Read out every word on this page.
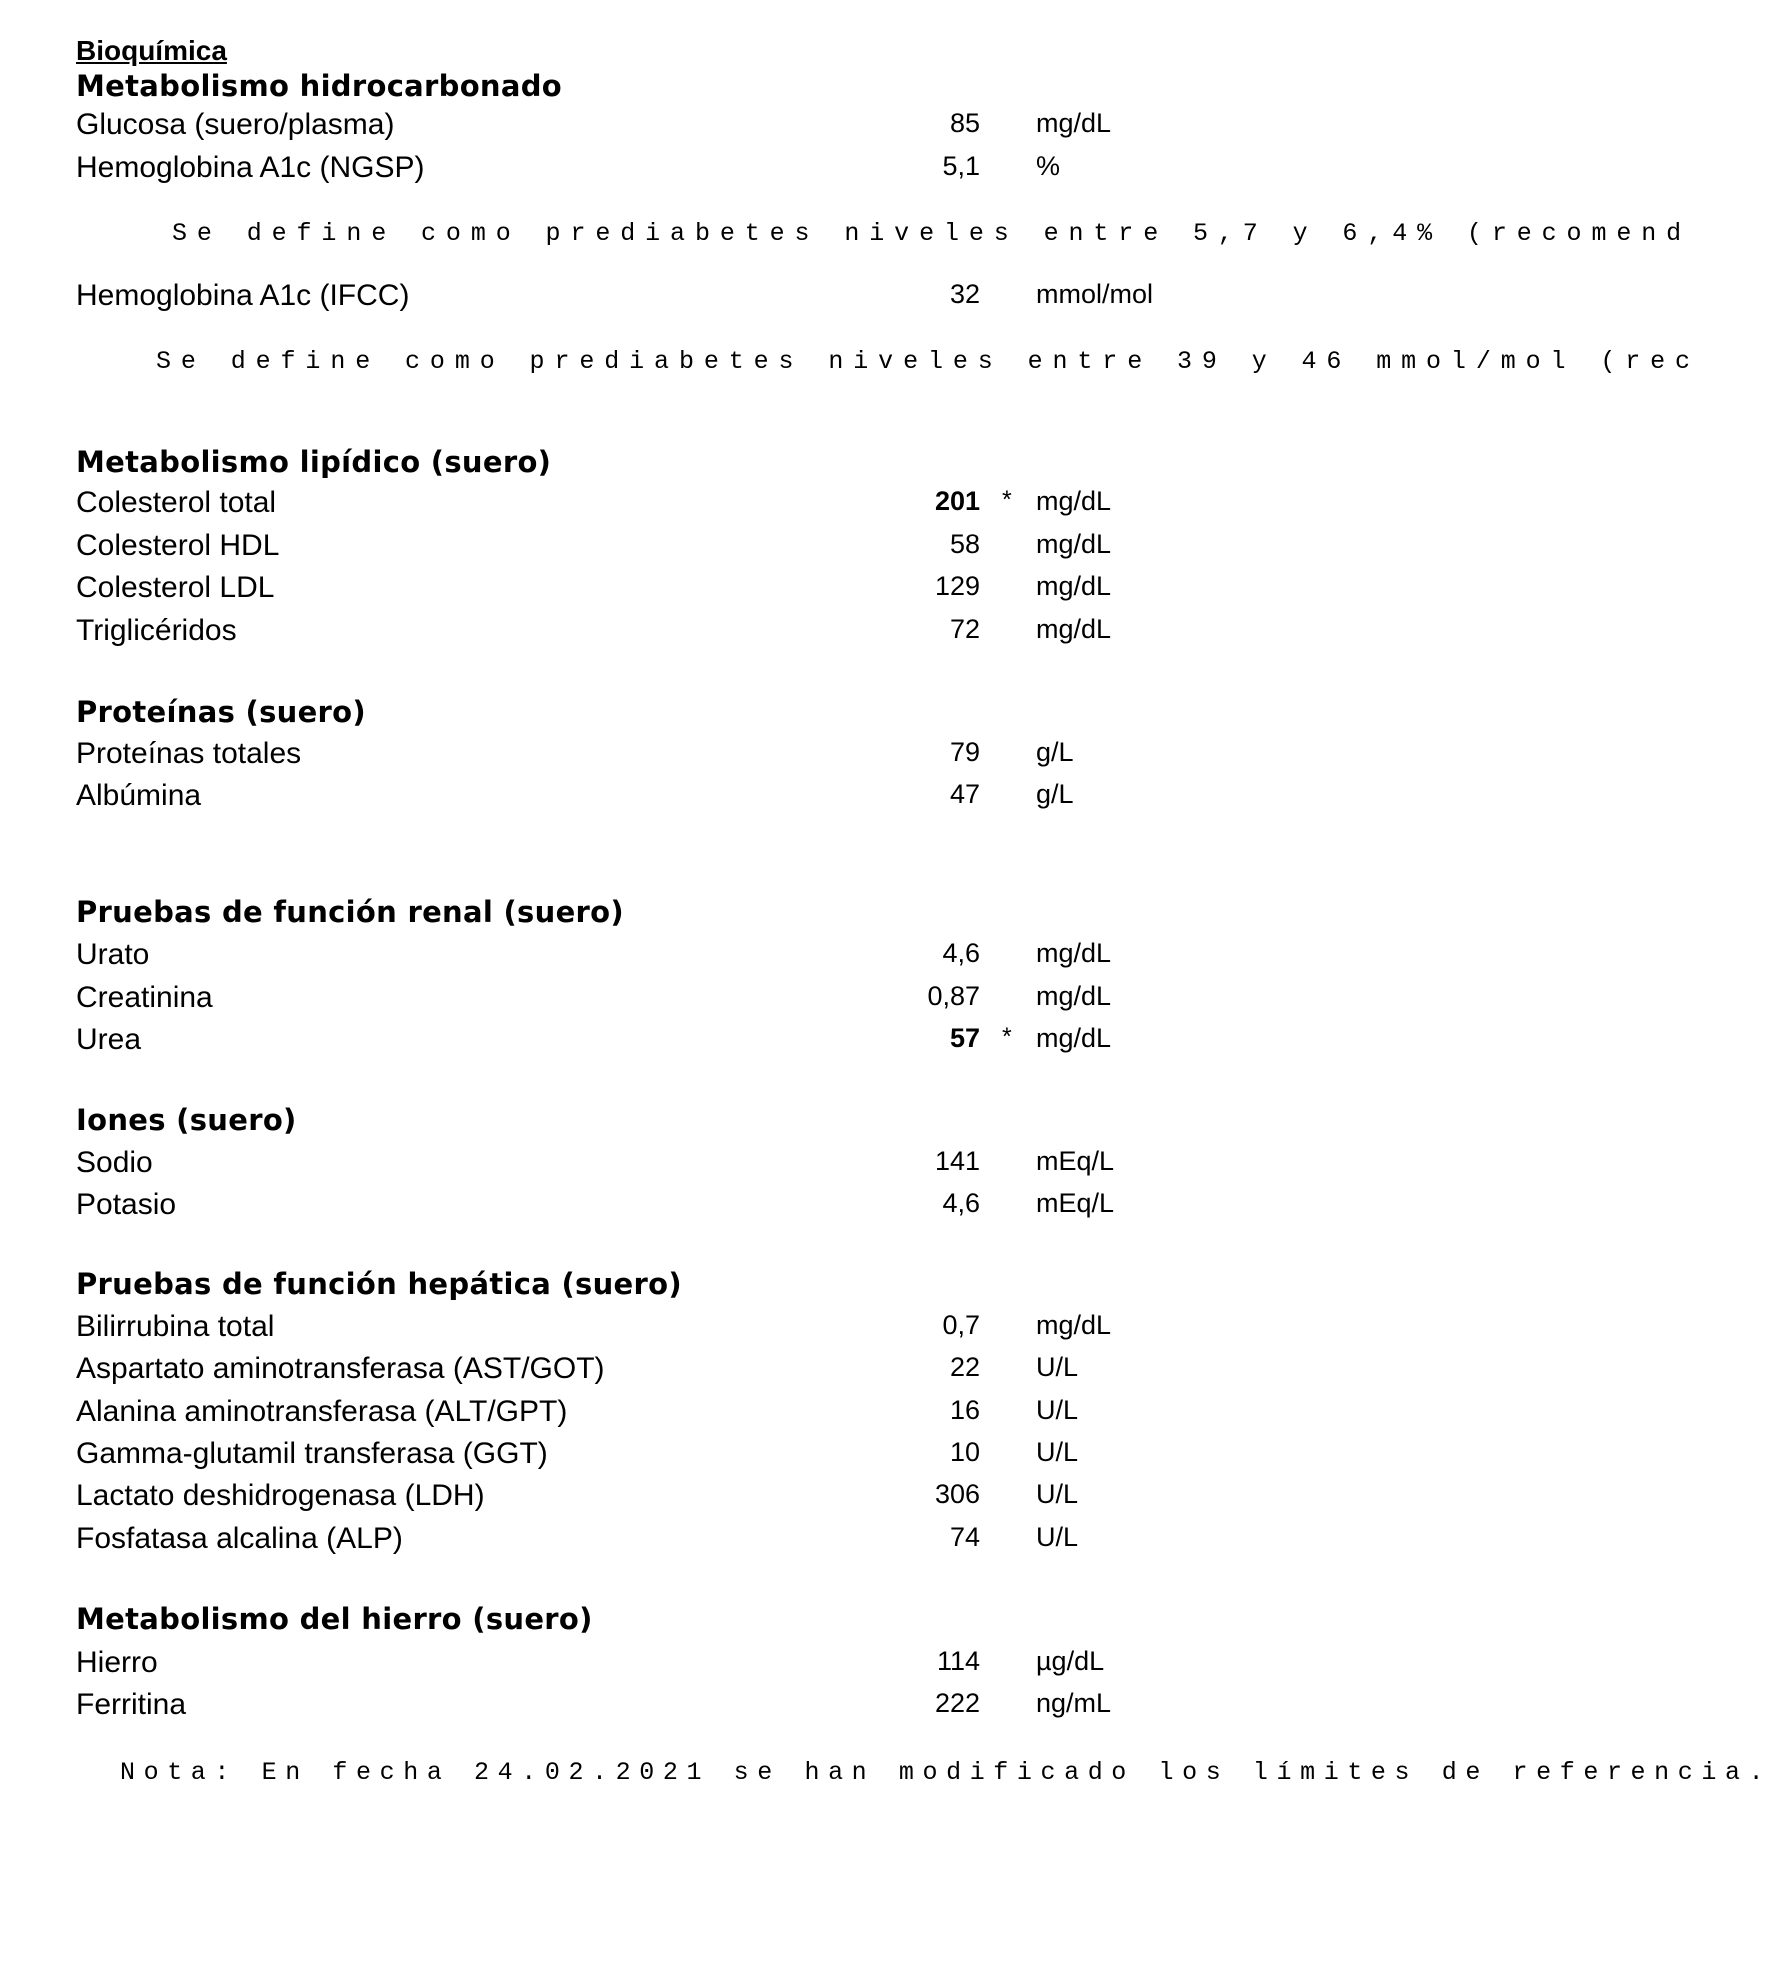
Bioquímica
Metabolismo hidrocarbonado
Glucosa (suero/plasma)	85 mg/dL
Hemoglobina A1c (NGSP)	5,1 %
Se define como prediabetes niveles entre 5,7 y 6,4% (recomend
Hemoglobina A1c (IFCC)	32 mmol/mol
Se define como prediabetes niveles entre 39 y 46 mmol/mol (rec
Metabolismo lipídico (suero)
Colesterol total	201 * mg/dL
Colesterol HDL	58 mg/dL
Colesterol LDL	129 mg/dL
Triglicéridos	72 mg/dL
Proteínas (suero)
Proteínas totales	79 g/L
Albúmina	47 g/L
Pruebas de función renal (suero)
Urato	4,6 mg/dL
Creatinina	0,87 mg/dL
Urea	57 * mg/dL
Iones (suero)
Sodio	141 mEq/L
Potasio	4,6 mEq/L
Pruebas de función hepática (suero)
Bilirrubina total	0,7 mg/dL
Aspartato aminotransferasa (AST/GOT)	22 U/L
Alanina aminotransferasa (ALT/GPT)	16 U/L
Gamma-glutamil transferasa (GGT)	10 U/L
Lactato deshidrogenasa (LDH)	306 U/L
Fosfatasa alcalina (ALP)	74 U/L
Metabolismo del hierro (suero)
Hierro	114 µg/dL
Ferritina	222 ng/mL
Nota: En fecha 24.02.2021 se han modificado los límites de referencia.
